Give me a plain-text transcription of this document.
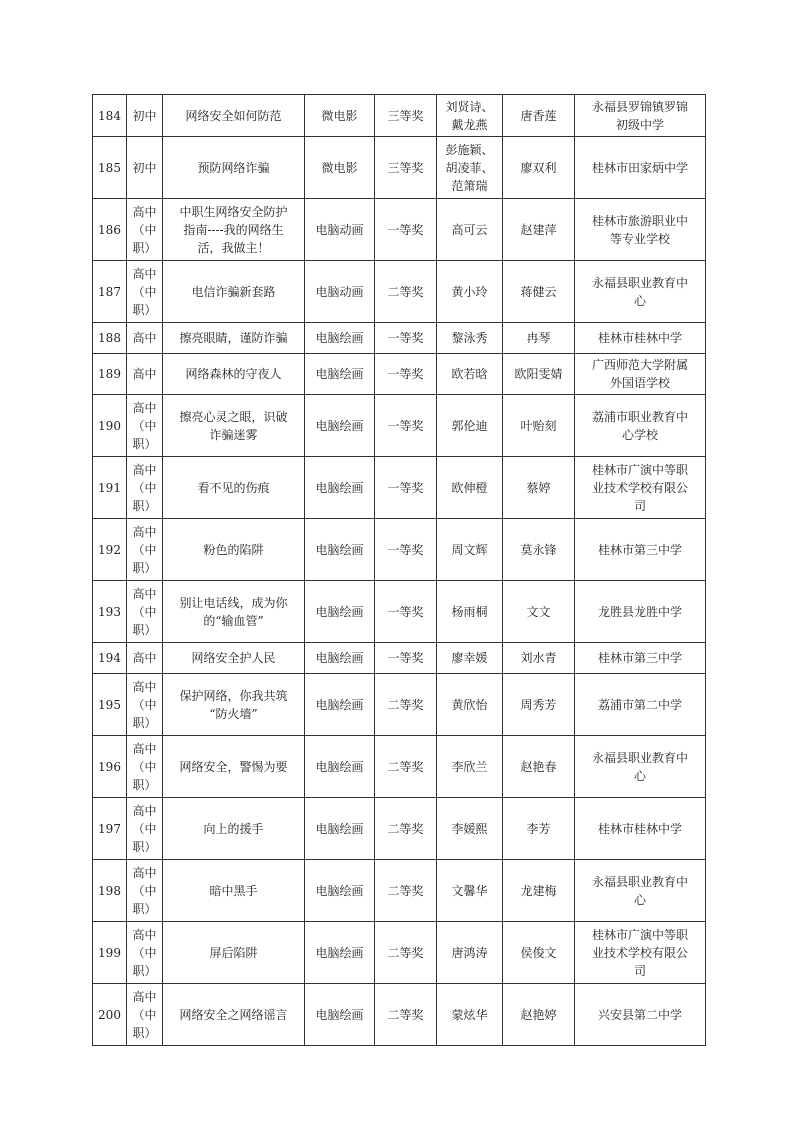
184	初中	网络安全如何防范	微电影	三等奖	刘贤诗、
戴龙燕	唐香莲	永福县罗锦镇罗锦
初级中学
185	初中	预防网络诈骗	微电影	三等奖	彭施颖、
胡凌菲、
范箫瑞	廖双利	桂林市田家炳中学
186	高中
（中
职）	中职生网络安全防护
指南----我的网络生
活，我做主！	电脑动画	一等奖	高可云	赵建萍	桂林市旅游职业中
等专业学校
187	高中
（中
职）	电信诈骗新套路	电脑动画	二等奖	黄小玲	蒋健云	永福县职业教育中
心
188	高中	擦亮眼睛，谨防诈骗	电脑绘画	一等奖	黎泳秀	冉琴	桂林市桂林中学
189	高中	网络森林的守夜人	电脑绘画	一等奖	欧若晗	欧阳雯婧	广西师范大学附属
外国语学校
190	高中
（中
职）	擦亮心灵之眼，识破
诈骗迷雾	电脑绘画	一等奖	郭伦迪	叶贻刻	荔浦市职业教育中
心学校
191	高中
（中
职）	看不见的伤痕	电脑绘画	一等奖	欧伸橙	蔡婷	桂林市广演中等职
业技术学校有限公
司
192	高中
（中
职）	粉色的陷阱	电脑绘画	一等奖	周文辉	莫永锋	桂林市第三中学
193	高中
（中
职）	别让电话线，成为你
的“输血管”	电脑绘画	一等奖	杨雨桐	文文	龙胜县龙胜中学
194	高中	网络安全护人民	电脑绘画	一等奖	廖幸媛	刘水青	桂林市第三中学
195	高中
（中
职）	保护网络，你我共筑
“防火墙”	电脑绘画	二等奖	黄欣怡	周秀芳	荔浦市第二中学
196	高中
（中
职）	网络安全，警惕为要	电脑绘画	二等奖	李欣兰	赵艳春	永福县职业教育中
心
197	高中
（中
职）	向上的援手	电脑绘画	二等奖	李媛熙	李芳	桂林市桂林中学
198	高中
（中
职）	暗中黑手	电脑绘画	二等奖	文馨华	龙建梅	永福县职业教育中
心
199	高中
（中
职）	屏后陷阱	电脑绘画	二等奖	唐鸿涛	侯俊文	桂林市广演中等职
业技术学校有限公
司
200	高中
（中
职）	网络安全之网络谣言	电脑绘画	二等奖	蒙炫华	赵艳婷	兴安县第二中学
